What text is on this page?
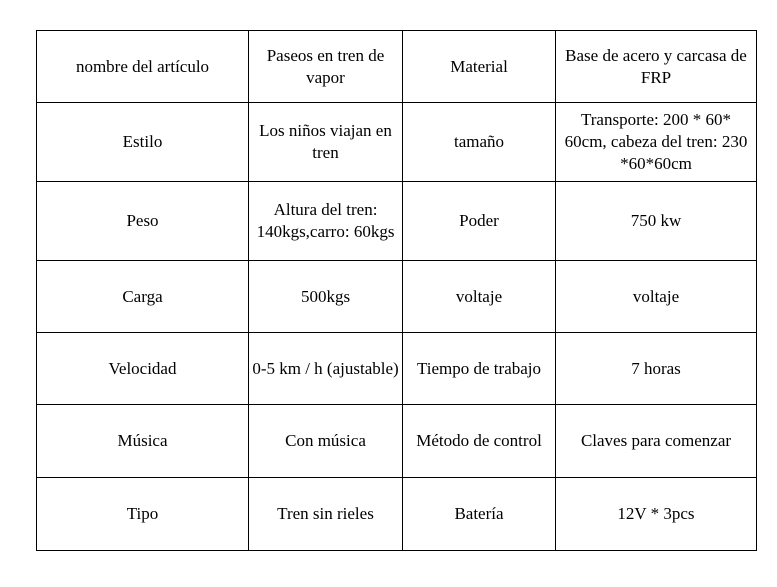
nombre del artículo	Paseos en tren de vapor	Material	Base de acero y carcasa de FRP
Estilo	Los niños viajan en tren	tamaño	Transporte: 200 * 60* 60cm, cabeza del tren: 230 *60*60cm
Peso	Altura del tren: 140kgs,carro: 60kgs	Poder	750 kw
Carga	500kgs	voltaje	voltaje
Velocidad	0-5 km / h (ajustable)	Tiempo de trabajo	7 horas
Música	Con música	Método de control	Claves para comenzar
Tipo	Tren sin rieles	Batería	12V * 3pcs
